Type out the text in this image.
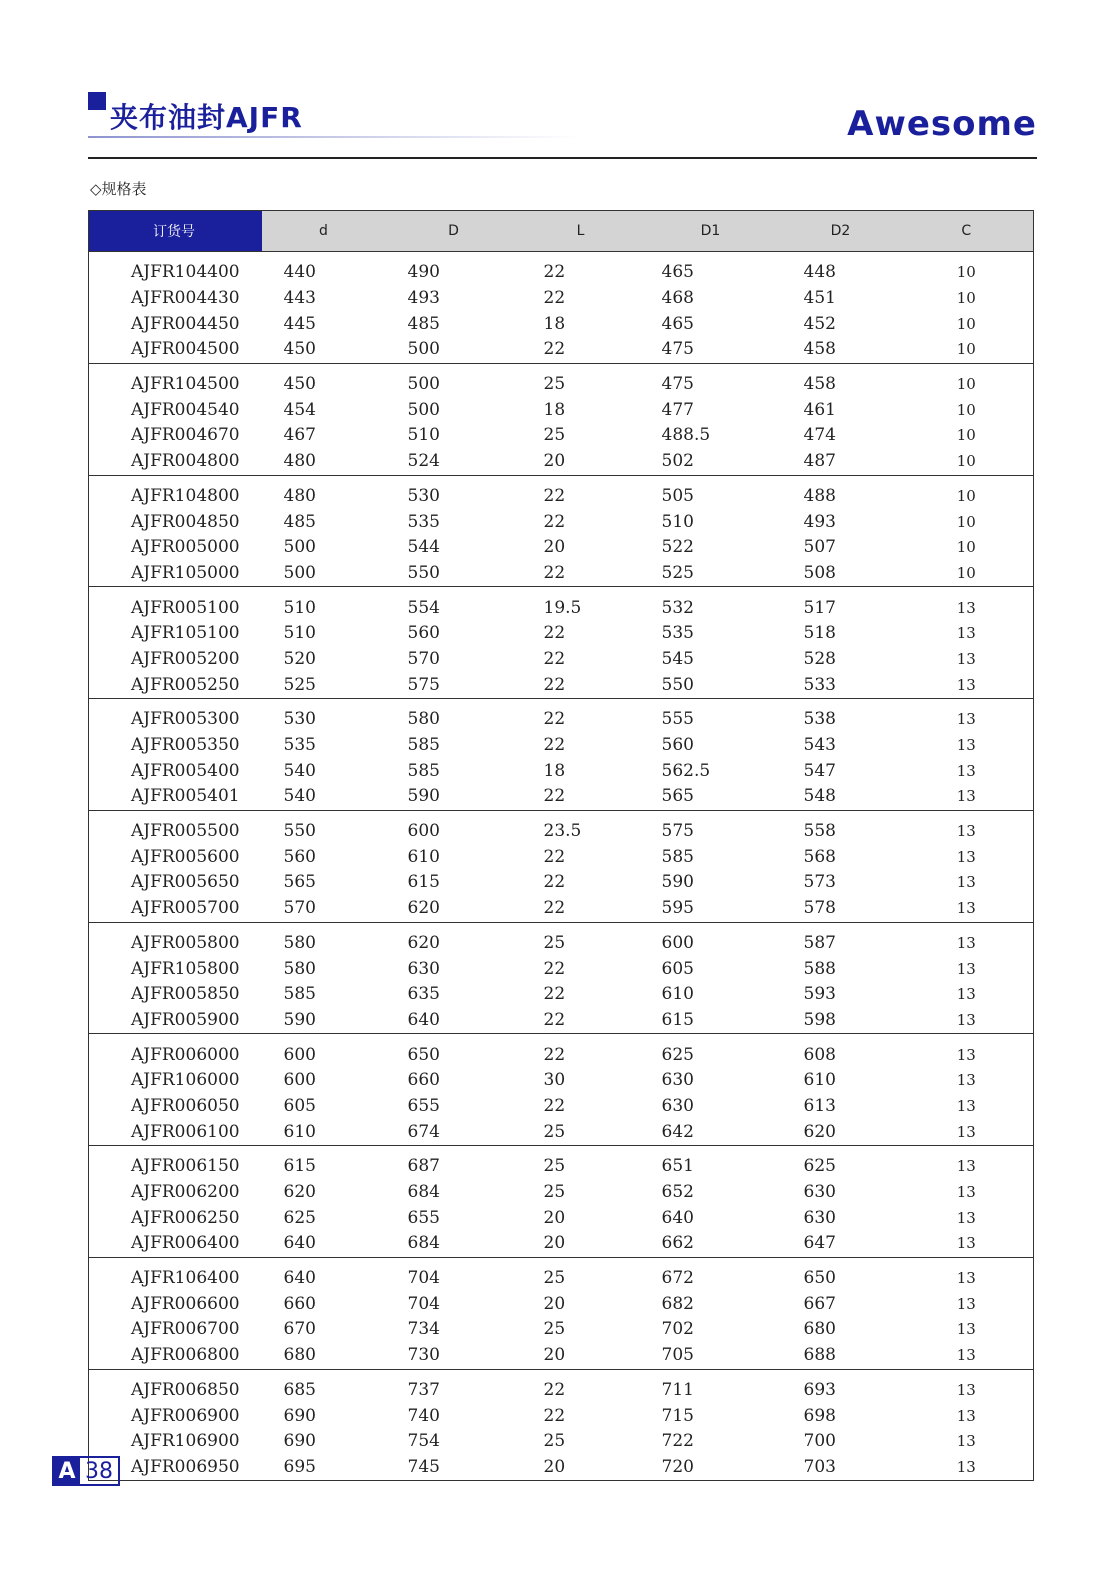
夹布油封AJFR	Awesome
◇规格表
订货号	d	D	L	D1	D2	C
AJFR104400	440	490	22	465	448	10
AJFR004430	443	493	22	468	451	10
AJFR004450	445	485	18	465	452	10
AJFR004500	450	500	22	475	458	10
AJFR104500	450	500	25	475	458	10
AJFR004540	454	500	18	477	461	10
AJFR004670	467	510	25	488.5	474	10
AJFR004800	480	524	20	502	487	10
AJFR104800	480	530	22	505	488	10
AJFR004850	485	535	22	510	493	10
AJFR005000	500	544	20	522	507	10
AJFR105000	500	550	22	525	508	10
AJFR005100	510	554	19.5	532	517	13
AJFR105100	510	560	22	535	518	13
AJFR005200	520	570	22	545	528	13
AJFR005250	525	575	22	550	533	13
AJFR005300	530	580	22	555	538	13
AJFR005350	535	585	22	560	543	13
AJFR005400	540	585	18	562.5	547	13
AJFR005401	540	590	22	565	548	13
AJFR005500	550	600	23.5	575	558	13
AJFR005600	560	610	22	585	568	13
AJFR005650	565	615	22	590	573	13
AJFR005700	570	620	22	595	578	13
AJFR005800	580	620	25	600	587	13
AJFR105800	580	630	22	605	588	13
AJFR005850	585	635	22	610	593	13
AJFR005900	590	640	22	615	598	13
AJFR006000	600	650	22	625	608	13
AJFR106000	600	660	30	630	610	13
AJFR006050	605	655	22	630	613	13
AJFR006100	610	674	25	642	620	13
AJFR006150	615	687	25	651	625	13
AJFR006200	620	684	25	652	630	13
AJFR006250	625	655	20	640	630	13
AJFR006400	640	684	20	662	647	13
AJFR106400	640	704	25	672	650	13
AJFR006600	660	704	20	682	667	13
AJFR006700	670	734	25	702	680	13
AJFR006800	680	730	20	705	688	13
AJFR006850	685	737	22	711	693	13
AJFR006900	690	740	22	715	698	13
AJFR106900	690	754	25	722	700	13
AJFR006950	695	745	20	720	703	13
A 38
